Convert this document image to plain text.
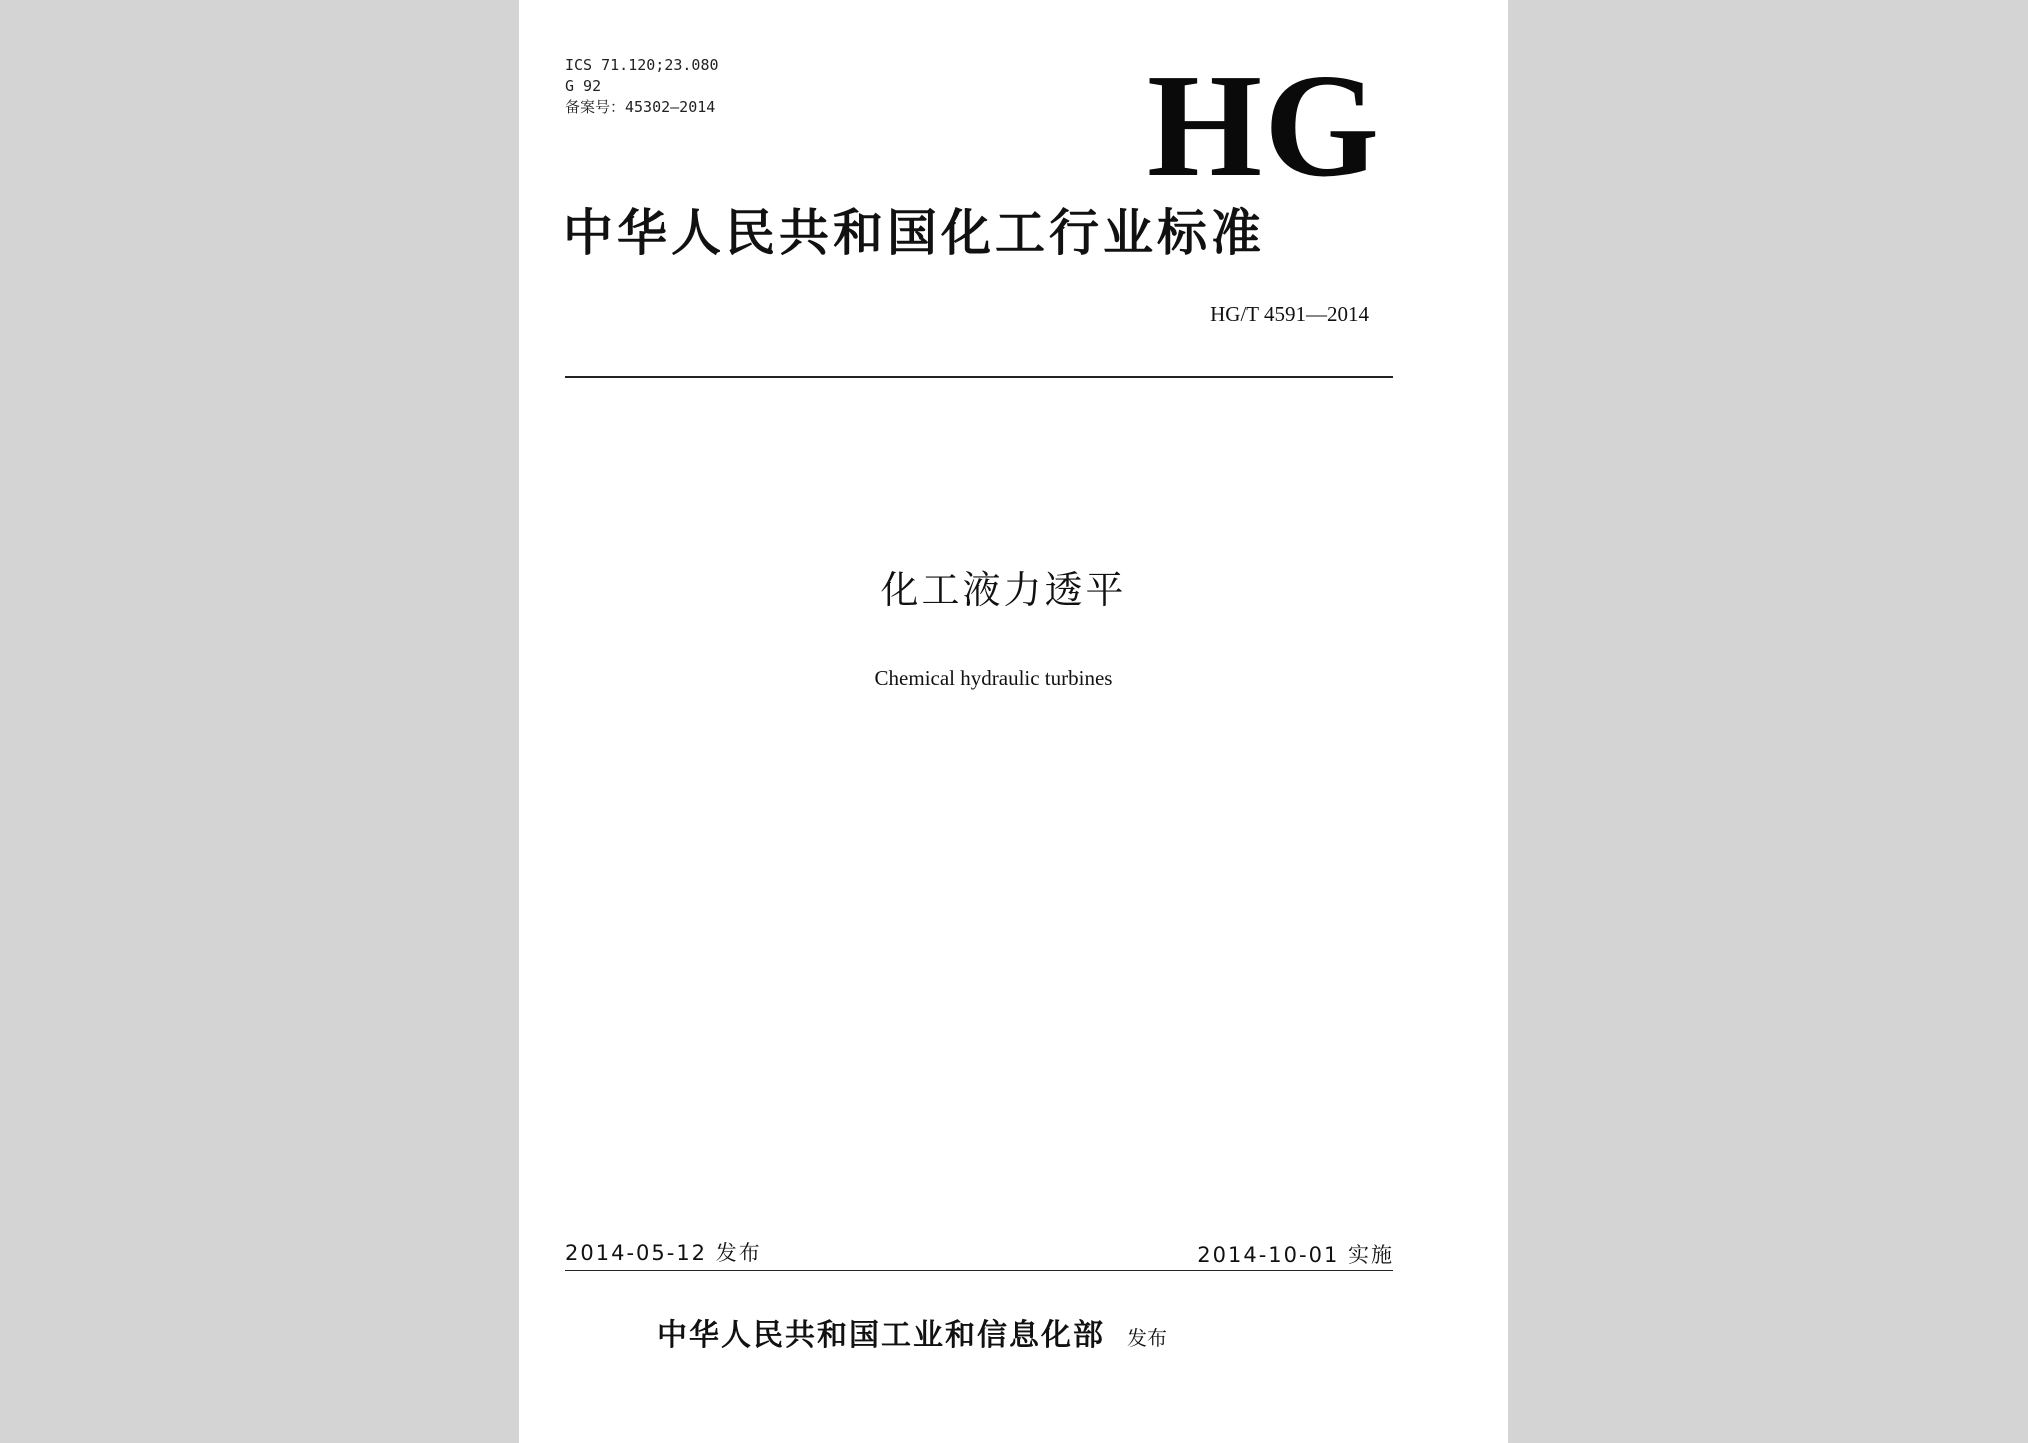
ICS 71.120;23.080
G 92
备案号：45302—2014	HG
中华人民共和国化工行业标准
HG/T 4591—2014
化工液力透平
Chemical hydraulic turbines
2014-05-12 发布	2014-10-01 实施
中华人民共和国工业和信息化部 发布
